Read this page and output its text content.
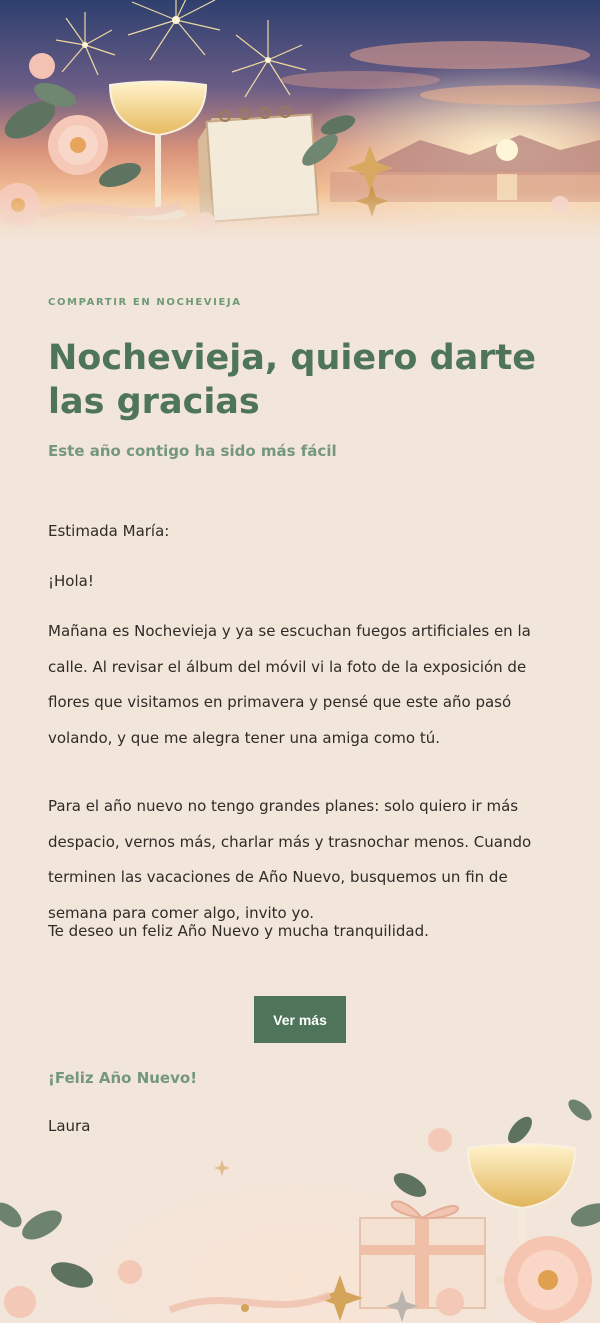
COMPARTIR EN NOCHEVIEJA
Nochevieja, quiero darte las gracias
Este año contigo ha sido más fácil

Estimada María:

¡Hola!

Mañana es Nochevieja y ya se escuchan fuegos artificiales en la calle. Al revisar el álbum del móvil vi la foto de la exposición de flores que visitamos en primavera y pensé que este año pasó volando, y que me alegra tener una amiga como tú.

Para el año nuevo no tengo grandes planes: solo quiero ir más despacio, vernos más, charlar más y trasnochar menos. Cuando terminen las vacaciones de Año Nuevo, busquemos un fin de semana para comer algo, invito yo.

Te deseo un feliz Año Nuevo y mucha tranquilidad.

Ver más
¡Feliz Año Nuevo!
Laura
